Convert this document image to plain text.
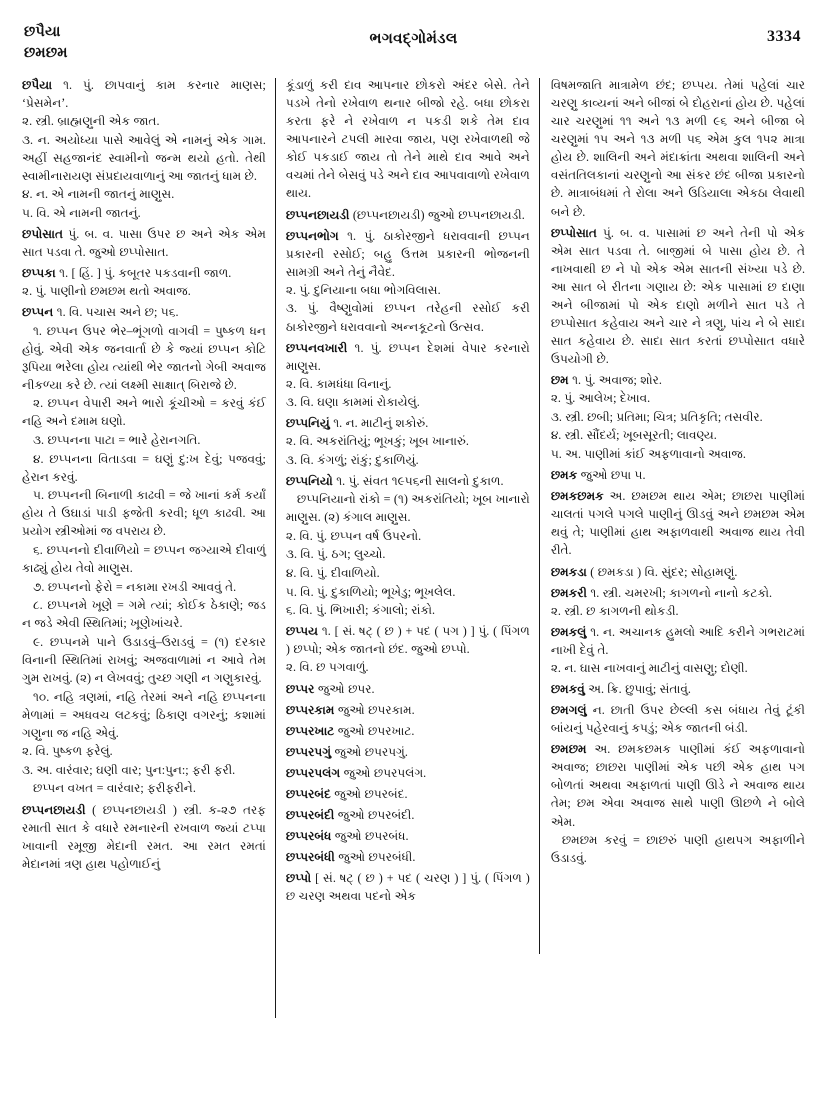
છપૈયા
છમછમ
ભગવદ્ગોમંડલ	3334

છપૈયા ૧. પું. છાપવાનું કામ કરનાર માણસ; ‘પ્રેસમેન’.

૨. સ્ત્રી. બ્રાહ્મણુની એક જાત.

૩. ન. અયોધ્યા પાસે આવેલું એ નામનું એક ગામ. અહીં સહજાનંદ સ્વામીનો જન્મ થયો હતો. તેથી સ્વામીનારાયણ સંપ્રદાયવાળાનું આ જાતનું ધામ છે.

૪. ન. એ નામની જાતનું માણુસ.

૫. વિ. એ નામની જાતનું.

છપોસાત પું. બ. વ. પાસા ઉપર છ અને એક એમ સાત પડવા તે. જુઓ છપ્પોસાત.

છપ્પકા ૧. [ હિં. ] પું. કબૂતર પકડવાની જાળ.

૨. પું. પાણીનો છમછમ થતો અવાજ.

છપ્પન ૧. વિ. પચાસ અને છ; ૫૬.

૧. છપ્પન ઉપર ભેર–ભૂંગળો વાગવી = પુષ્કળ ધન હોવું. એવી એક જનવાર્તા છે કે જ્યાં છપ્પન કોટિ રૂપિયા ભરેલા હોય ત્યાંથી ભેર જાતનો ગેબી અવાજ નીકળ્યા કરે છે. ત્યાં લક્ષ્મી સાક્ષાત્ બિરાજે છે.

૨. છપ્પન વેપારી અને ભારો કૂંચીઓ = કરવું કંઈ નહિ અને દમામ ઘણો.

૩. છપ્પનના પાટા = ભારે હેરાનગતિ.

૪. છપ્પનના વિતાડવા = ઘણું દુ:ખ દેવું; પજવવું; હેરાન કરવું.

૫. છપ્પનની બિનાળી કાઢવી = જે ખાનાં કર્મ કર્યાં હોય તે ઉઘાડાં પાડી ફજેતી કરવી; ધૂળ કાઢવી. આ પ્રયોગ સ્ત્રીઓમાં જ વપરાય છે.

૬. છપ્પનનો દીવાળિયો = છપ્પન જગ્યાએ દીવાળું કાઢ્યું હોય તેવો માણુસ.

૭. છપ્પનનો ફેરો = નકામા રખડી આવવું તે.

૮. છપ્પનમે ખૂણે = ગમે ત્યાં; કોઈક ઠેકાણે; જડ ન જડે એવી સ્થિતિમાં; ખૂણેખાંચરે.

૯. છપ્પનમે પાને ઉડાડવું–ઉરાડવું = (૧) દરકાર વિનાની સ્થિતિમાં રાખવું; અજવાળામાં ન આવે તેમ ગુમ રાખવું. (૨) ન લેખવવું; તુચ્છ ગણી ન ગણુકારવું.

૧૦. નહિ ત્રણમાં, નહિ તેરમાં અને નહિ છપ્પનના મેળામાં = અધવચ લટકવું; ઠિકાણ વગરનું; કશામાં ગણુના જ નહિ એવું.

૨. વિ. પુષ્કળ ફરેલું.

૩. અ. વારંવાર; ઘણી વાર; પુન:પુન:; ફરી ફરી.

છપ્પન વખત = વારંવાર; ફરીફરીને.

છપ્પનછાયડી ( છપ્પનછાયડી ) સ્ત્રી. ક-૨૭ તરફ રમાતી સાત કે વધારે રમનારની રખવાળ જ્યાં ટપ્પા ખાવાની રમૂજી મેદાની રમત. આ રમત રમતાં મેદાનમાં ત્રણ હાથ પહોળાઈનું

કૂંડાળું કરી દાવ આપનાર છોકરો અંદર બેસે. તેને પડખે તેનો રખેવાળ થનાર બીજો રહે. બધા છોકરા કરતા ફરે ને રખેવાળ ન પકડી શકે તેમ દાવ આપનારને ટપલી મારવા જાય, પણ રખેવાળથી જે કોઈ પકડાઈ જાય તો તેને માથે દાવ આવે અને વચમાં તેને બેસવું પડે અને દાવ આપવાવાળો રખેવાળ થાય.

છપ્પનછાયડી (છપ્પનછાયડી) જુઓ છપ્પનછાયડી.

છપ્પનભોગ ૧. પું. ઠાકોરજીને ધરાવવાની છપ્પન પ્રકારની રસોઈ; બહુ ઉત્તમ પ્રકારની ભોજનની સામગ્રી અને તેનું નૈવેદ.

૨. પું. દુનિયાના બધા ભોગવિલાસ.

૩. પું. વૈષ્ણુવોમાં છપ્પન તરેહની રસોઈ કરી ઠાકોરજીને ધરાવવાનો અન્નકૂટનો ઉત્સવ.

છપ્પનવખારી ૧. પું. છપ્પન દેશમાં વેપાર કરનારો માણુસ.

૨. વિ. કામધંધા વિનાનું.

૩. વિ. ઘણા કામમાં રોકાયેલું.

છપ્પનિયું ૧. ન. માટીનું શકોરું.

૨. વિ. અકરાંતિયું; ભૂખકું; ખૂબ ખાનારું.

૩. વિ. કંગળું; રાંકું; દુકાળિયું.

છપ્પનિયો ૧. પું. સંવત ૧૯૫૬ની સાલનો દુકાળ.

છપ્પનિયાનો રાંકો = (૧) અકરાંતિયો; ખૂબ ખાનારો માણુસ. (૨) કંગાલ માણુસ.

૨. વિ. પું. છપ્પન વર્ષ ઉપરનો.

૩. વિ. પું. ઠગ; લુચ્ચો.

૪. વિ. પું. દીવાળિયો.

૫. વિ. પું. દુકાળિયો; ભૂખેડુ; ભૂખલેલ.

૬. વિ. પું. ભિખારી; કંગાલો; રાંકો.

છપ્પય ૧. [ સં. ષટ્ ( છ ) + પદ ( પગ ) ] પું. ( પિંગળ ) છપ્પો; એક જાતનો છંદ. જુઓ છપ્પો.

૨. વિ. છ પગવાળું.

છપ્પર જુઓ છપર.

છપ્પરકામ જુઓ છપરકામ.

છપ્પરખાટ જુઓ છપરખાટ.

છપ્પરપગું જુઓ છપરપગું.

છપ્પરપલંગ જુઓ છપરપલંગ.

છપ્પરબંદ જુઓ છપરબંદ.

છપ્પરબંદી જુઓ છપરબંદી.

છપ્પરબંધ જુઓ છપરબંધ.

છપ્પરબંધી જુઓ છપરબંધી.

છપ્પો [ સં. ષટ્ ( છ ) + પદ ( ચરણ ) ] પું. ( પિંગળ ) છ ચરણ અથવા પદનો એક

વિષમજાતિ માત્રામેળ છંદ; છપ્પય. તેમાં પહેલાં ચાર ચરણુ કાવ્યનાં અને બીજાં બે દોહરાનાં હોય છે. પહેલાં ચાર ચરણુમાં ૧૧ અને ૧૩ મળી ૯૬ અને બીજા બે ચરણુમાં ૧૫ અને ૧૩ મળી ૫૬ એમ કુલ ૧૫૨ માત્રા હોય છે. શાલિની અને મંદાક્રાંતા અથવા શાલિની અને વસંતતિલકાનાં ચરણુનો આ સંકર છંદ બીજા પ્રકારનો છે. માત્રાબંધમાં તે રોલા અને ઉડિયાલા એકઠા લેવાથી બને છે.

છપ્પોસાત પું. બ. વ. પાસામાં છ અને તેની પો એક એમ સાત પડવા તે. બાજીમાં બે પાસા હોય છે. તે નાખવાથી છ ને પો એક એમ સાતની સંખ્યા પડે છે. આ સાત બે રીતના ગણાય છે: એક પાસામાં છ દાણા અને બીજામાં પો એક દાણો મળીને સાત પડે તે છપ્પોસાત કહેવાય અને ચાર ને ત્રણુ, પાંચ ને બે સાદા સાત કહેવાય છે. સાદા સાત કરતાં છપ્પોસાત વધારે ઉપયોગી છે.

છમ ૧. પું. અવાજ; શોર.

૨. પું. આલેખ; દેખાવ.

૩. સ્ત્રી. છબી; પ્રતિમા; ચિત્ર; પ્રતિકૃતિ; તસવીર.

૪. સ્ત્રી. સૌંદર્ય; ખૂબસૂરતી; લાવણ્ય.

૫. અ. પાણીમાં કાંઈ અફળાવાનો અવાજ.

છમક જુઓ છપા ૫.

છમકછમક અ. છમછમ થાય એમ; છાછરા પાણીમાં ચાલતાં પગલે પગલે પાણીનું ઊડવું અને છમછમ એમ થવું તે; પાણીમાં હાથ અફાળવાથી અવાજ થાય તેવી રીતે.

છમકડા ( છમકડા ) વિ. સુંદર; સોહામણું.

છમકરી ૧. સ્ત્રી. ચમરખી; કાગળનો નાનો કટકો.

૨. સ્ત્રી. છ કાગળની થોકડી.

છમકલું ૧. ન. અચાનક હુમલો આદિ કરીને ગભરાટમાં નાખી દેવું તે.

૨. ન. ઘાસ નાખવાનું માટીનું વાસણુ; દોણી.

છમકવું અ. ક્રિ. છુપાવું; સંતાવું.

છમગલું ન. છાતી ઉપર છેલ્લી કસ બંધાય તેવું ટૂંકી બાંયનું પહેરવાનું કપડું; એક જાતની બંડી.

છમછમ અ. છમકછમક પાણીમાં કંઈ અફળાવાનો અવાજ; છાછરા પાણીમાં એક પછી એક હાથ પગ બોળતાં અથવા અફાળતાં પાણી ઊડે ને અવાજ થાય તેમ; છમ એવા અવાજ સાથે પાણી ઊછળે ને બોલે એમ.

છમછમ કરવું = છાછરું પાણી હાથપગ અફાળીને ઉડાડવું.
